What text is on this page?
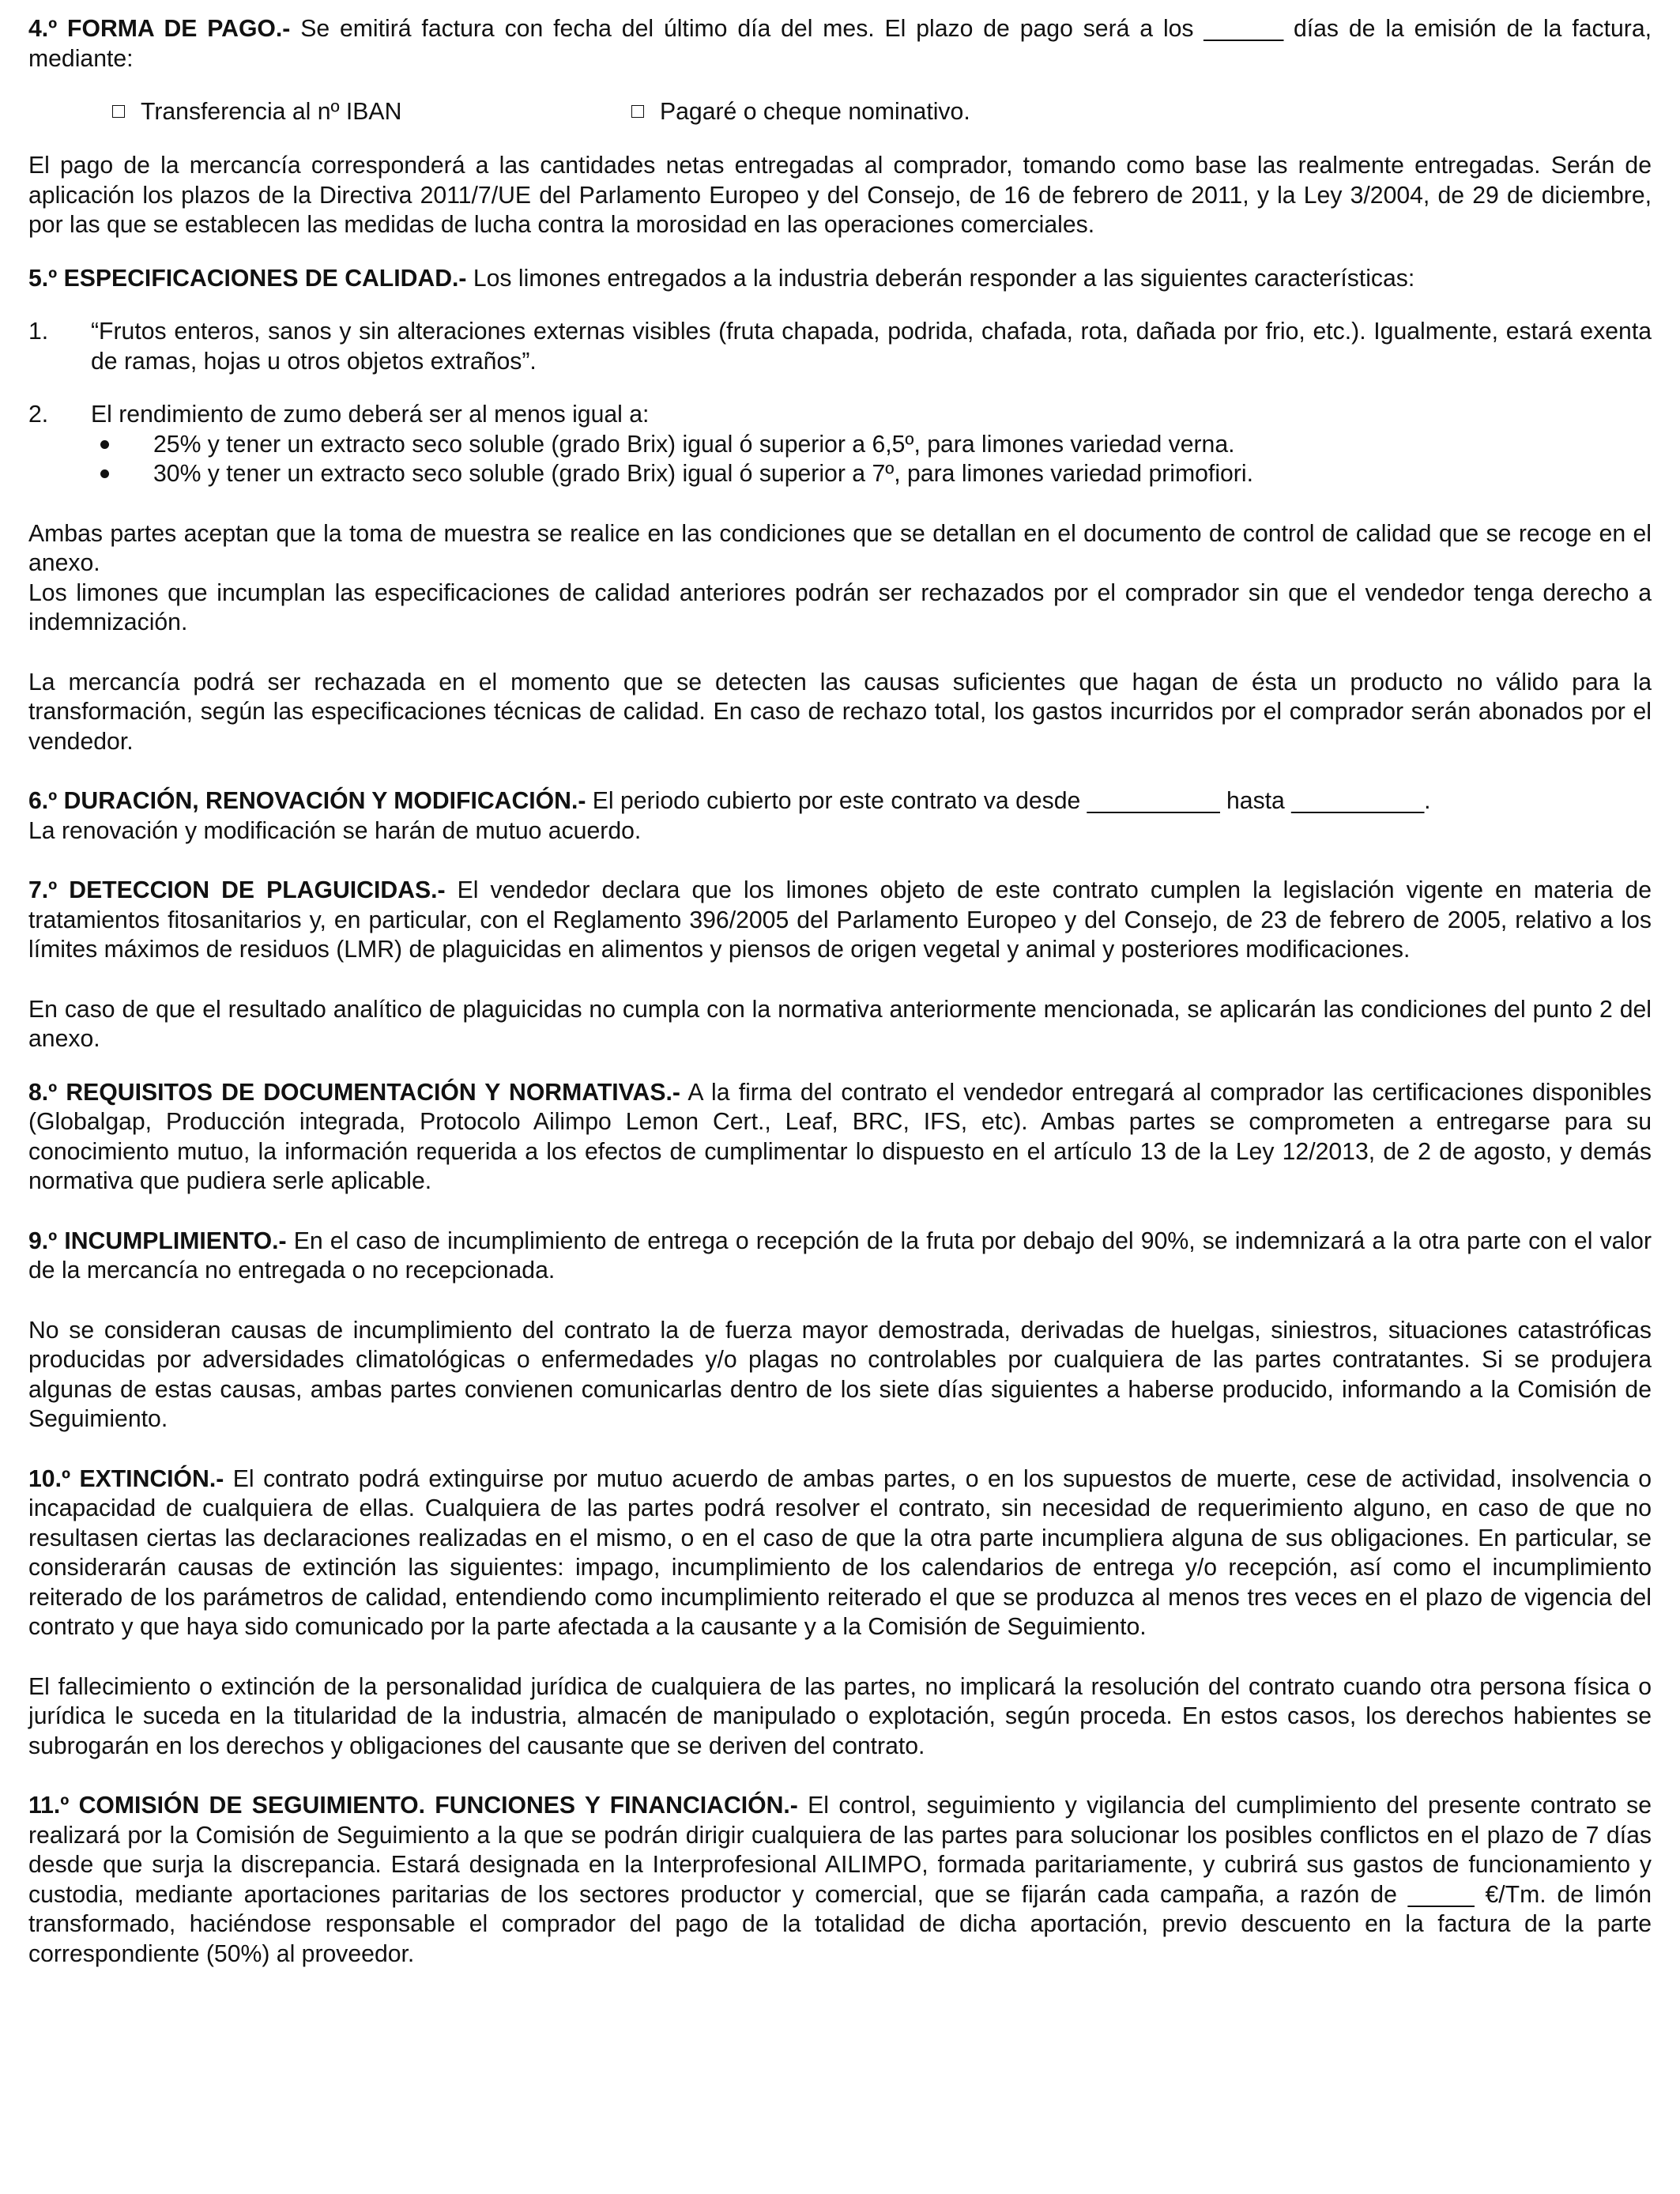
4.º FORMA DE PAGO.- Se emitirá factura con fecha del último día del mes. El plazo de pago será a los ______ días de la emisión de la factura, mediante:

Transferencia al nº IBAN	Pagaré o cheque nominativo.

El pago de la mercancía corresponderá a las cantidades netas entregadas al comprador, tomando como base las realmente entregadas. Serán de aplicación los plazos de la Directiva 2011/7/UE del Parlamento Europeo y del Consejo, de 16 de febrero de 2011, y la Ley 3/2004, de 29 de diciembre, por las que se establecen las medidas de lucha contra la morosidad en las operaciones comerciales.

5.º ESPECIFICACIONES DE CALIDAD.- Los limones entregados a la industria deberán responder a las siguientes características:

1. “Frutos enteros, sanos y sin alteraciones externas visibles (fruta chapada, podrida, chafada, rota, dañada por frio, etc.). Igualmente, estará exenta de ramas, hojas u otros objetos extraños”.
2. El rendimiento de zumo deberá ser al menos igual a:
25% y tener un extracto seco soluble (grado Brix) igual ó superior a 6,5º, para limones variedad verna.
30% y tener un extracto seco soluble (grado Brix) igual ó superior a 7º, para limones variedad primofiori.

Ambas partes aceptan que la toma de muestra se realice en las condiciones que se detallan en el documento de control de calidad que se recoge en el anexo.

Los limones que incumplan las especificaciones de calidad anteriores podrán ser rechazados por el comprador sin que el vendedor tenga derecho a indemnización.

La mercancía podrá ser rechazada en el momento que se detecten las causas suficientes que hagan de ésta un producto no válido para la transformación, según las especificaciones técnicas de calidad. En caso de rechazo total, los gastos incurridos por el comprador serán abonados por el vendedor.

6.º DURACIÓN, RENOVACIÓN Y MODIFICACIÓN.- El periodo cubierto por este contrato va desde __________ hasta __________.

La renovación y modificación se harán de mutuo acuerdo.

7.º DETECCION DE PLAGUICIDAS.- El vendedor declara que los limones objeto de este contrato cumplen la legislación vigente en materia de tratamientos fitosanitarios y, en particular, con el Reglamento 396/2005 del Parlamento Europeo y del Consejo, de 23 de febrero de 2005, relativo a los límites máximos de residuos (LMR) de plaguicidas en alimentos y piensos de origen vegetal y animal y posteriores modificaciones.

En caso de que el resultado analítico de plaguicidas no cumpla con la normativa anteriormente mencionada, se aplicarán las condiciones del punto 2 del anexo.

8.º REQUISITOS DE DOCUMENTACIÓN Y NORMATIVAS.- A la firma del contrato el vendedor entregará al comprador las certificaciones disponibles (Globalgap, Producción integrada, Protocolo Ailimpo Lemon Cert., Leaf, BRC, IFS, etc). Ambas partes se comprometen a entregarse para su conocimiento mutuo, la información requerida a los efectos de cumplimentar lo dispuesto en el artículo 13 de la Ley 12/2013, de 2 de agosto, y demás normativa que pudiera serle aplicable.

9.º INCUMPLIMIENTO.- En el caso de incumplimiento de entrega o recepción de la fruta por debajo del 90%, se indemnizará a la otra parte con el valor de la mercancía no entregada o no recepcionada.

No se consideran causas de incumplimiento del contrato la de fuerza mayor demostrada, derivadas de huelgas, siniestros, situaciones catastróficas producidas por adversidades climatológicas o enfermedades y/o plagas no controlables por cualquiera de las partes contratantes. Si se produjera algunas de estas causas, ambas partes convienen comunicarlas dentro de los siete días siguientes a haberse producido, informando a la Comisión de Seguimiento.

10.º EXTINCIÓN.- El contrato podrá extinguirse por mutuo acuerdo de ambas partes, o en los supuestos de muerte, cese de actividad, insolvencia o incapacidad de cualquiera de ellas. Cualquiera de las partes podrá resolver el contrato, sin necesidad de requerimiento alguno, en caso de que no resultasen ciertas las declaraciones realizadas en el mismo, o en el caso de que la otra parte incumpliera alguna de sus obligaciones. En particular, se considerarán causas de extinción las siguientes: impago, incumplimiento de los calendarios de entrega y/o recepción, así como el incumplimiento reiterado de los parámetros de calidad, entendiendo como incumplimiento reiterado el que se produzca al menos tres veces en el plazo de vigencia del contrato y que haya sido comunicado por la parte afectada a la causante y a la Comisión de Seguimiento.

El fallecimiento o extinción de la personalidad jurídica de cualquiera de las partes, no implicará la resolución del contrato cuando otra persona física o jurídica le suceda en la titularidad de la industria, almacén de manipulado o explotación, según proceda. En estos casos, los derechos habientes se subrogarán en los derechos y obligaciones del causante que se deriven del contrato.

11.º COMISIÓN DE SEGUIMIENTO. FUNCIONES Y FINANCIACIÓN.- El control, seguimiento y vigilancia del cumplimiento del presente contrato se realizará por la Comisión de Seguimiento a la que se podrán dirigir cualquiera de las partes para solucionar los posibles conflictos en el plazo de 7 días desde que surja la discrepancia. Estará designada en la Interprofesional AILIMPO, formada paritariamente, y cubrirá sus gastos de funcionamiento y custodia, mediante aportaciones paritarias de los sectores productor y comercial, que se fijarán cada campaña, a razón de _____ €/Tm. de limón transformado, haciéndose responsable el comprador del pago de la totalidad de dicha aportación, previo descuento en la factura de la parte correspondiente (50%) al proveedor.
